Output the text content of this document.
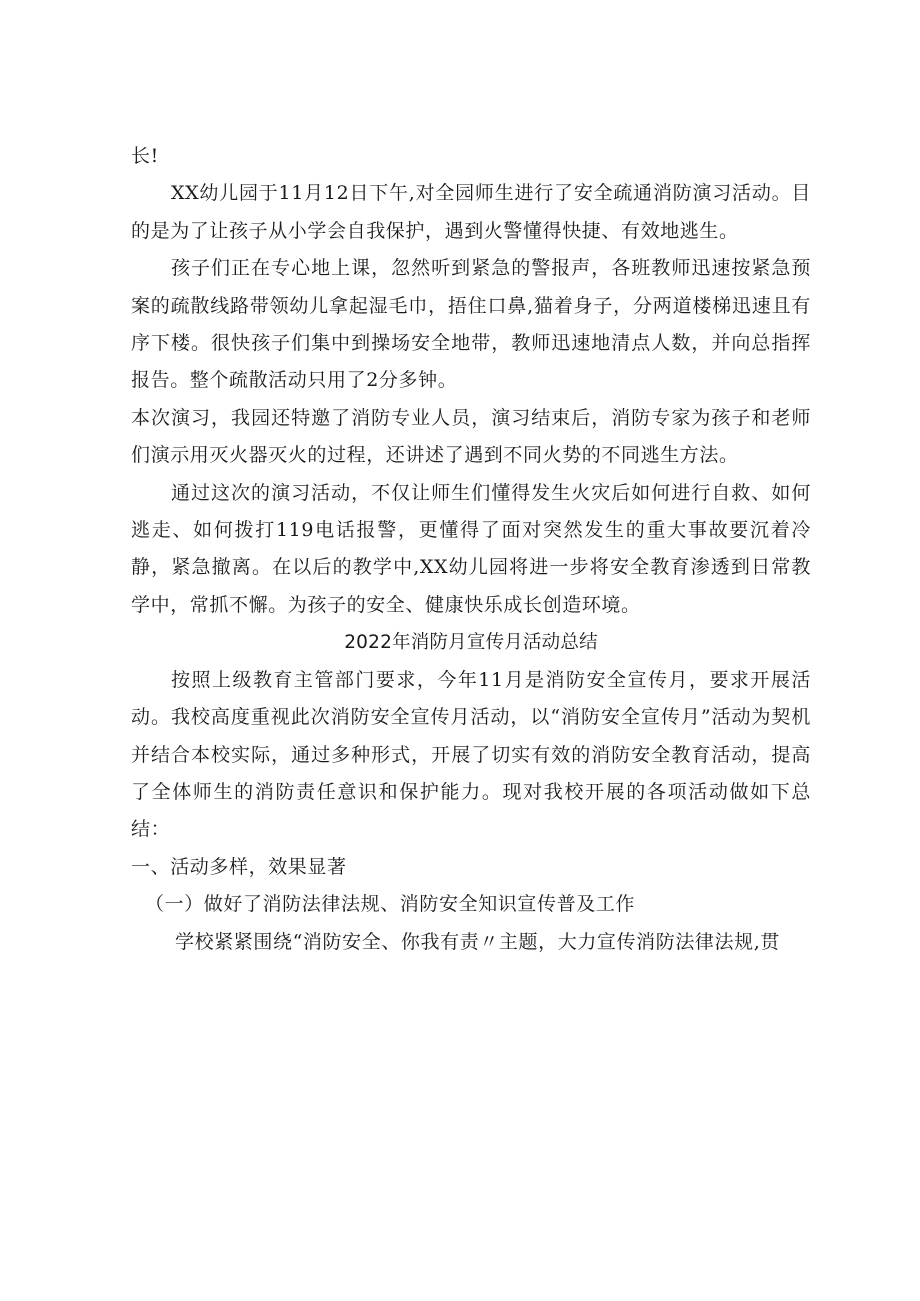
长!

XX幼儿园于11月12日下午,对全园师生进行了安全疏通消防演习活动。目的是为了让孩子从小学会自我保护，遇到火警懂得快捷、有效地逃生。

孩子们正在专心地上课，忽然听到紧急的警报声，各班教师迅速按紧急预案的疏散线路带领幼儿拿起湿毛巾，捂住口鼻,猫着身子，分两道楼梯迅速且有序下楼。很快孩子们集中到操场安全地带，教师迅速地清点人数，并向总指挥报告。整个疏散活动只用了2分多钟。

本次演习，我园还特邀了消防专业人员，演习结束后，消防专家为孩子和老师们演示用灭火器灭火的过程，还讲述了遇到不同火势的不同逃生方法。

通过这次的演习活动，不仅让师生们懂得发生火灾后如何进行自救、如何逃走、如何拨打119电话报警，更懂得了面对突然发生的重大事故要沉着冷静，紧急撤离。在以后的教学中,XX幼儿园将进一步将安全教育渗透到日常教学中，常抓不懈。为孩子的安全、健康快乐成长创造环境。

2022年消防月宣传月活动总结

按照上级教育主管部门要求，今年11月是消防安全宣传月，要求开展活动。我校高度重视此次消防安全宣传月活动，以“消防安全宣传月”活动为契机并结合本校实际，通过多种形式，开展了切实有效的消防安全教育活动，提高了全体师生的消防责任意识和保护能力。现对我校开展的各项活动做如下总结：

一、活动多样，效果显著

（一）做好了消防法律法规、消防安全知识宣传普及工作

学校紧紧围绕“消防安全、你我有责〃主题，大力宣传消防法律法规,贯
